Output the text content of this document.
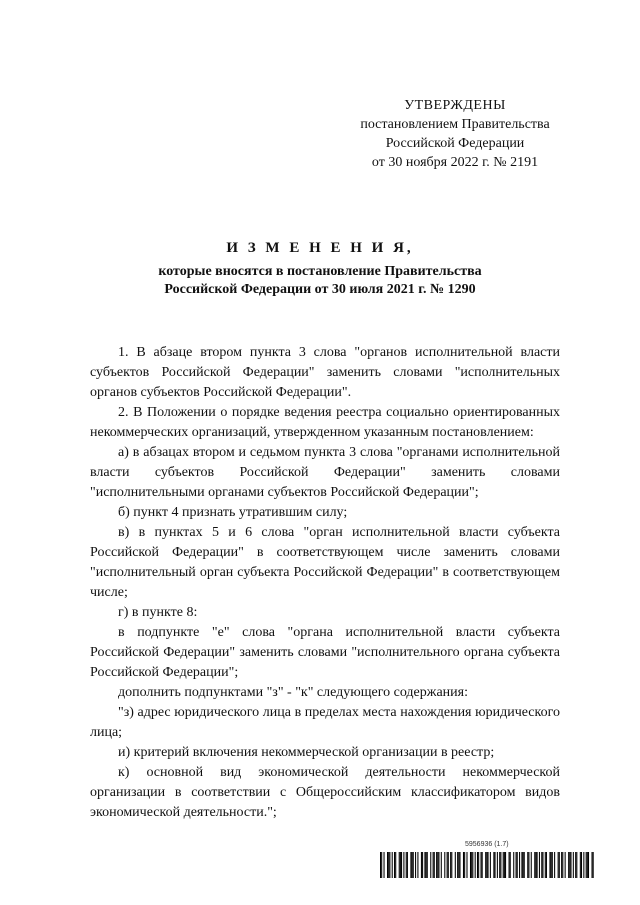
УТВЕРЖДЕНЫ
постановлением Правительства
Российской Федерации
от 30 ноября 2022 г. № 2191
И З М Е Н Е Н И Я,
которые вносятся в постановление Правительства
Российской Федерации от 30 июля 2021 г. № 1290

1. В абзаце втором пункта 3 слова "органов исполнительной власти субъектов Российской Федерации" заменить словами "исполнительных органов субъектов Российской Федерации".

2. В Положении о порядке ведения реестра социально ориентированных некоммерческих организаций, утвержденном указанным постановлением:

а) в абзацах втором и седьмом пункта 3 слова "органами исполнительной власти субъектов Российской Федерации" заменить словами "исполнительными органами субъектов Российской Федерации";

б) пункт 4 признать утратившим силу;

в) в пунктах 5 и 6 слова "орган исполнительной власти субъекта Российской Федерации" в соответствующем числе заменить словами "исполнительный орган субъекта Российской Федерации" в соответствующем числе;

г) в пункте 8:

в подпункте "е" слова "органа исполнительной власти субъекта Российской Федерации" заменить словами "исполнительного органа субъекта Российской Федерации";

дополнить подпунктами "з" - "к" следующего содержания:

"з) адрес юридического лица в пределах места нахождения юридического лица;

и) критерий включения некоммерческой организации в реестр;

к) основной вид экономической деятельности некоммерческой организации в соответствии с Общероссийским классификатором видов экономической деятельности.";

5956936 (1.7)
